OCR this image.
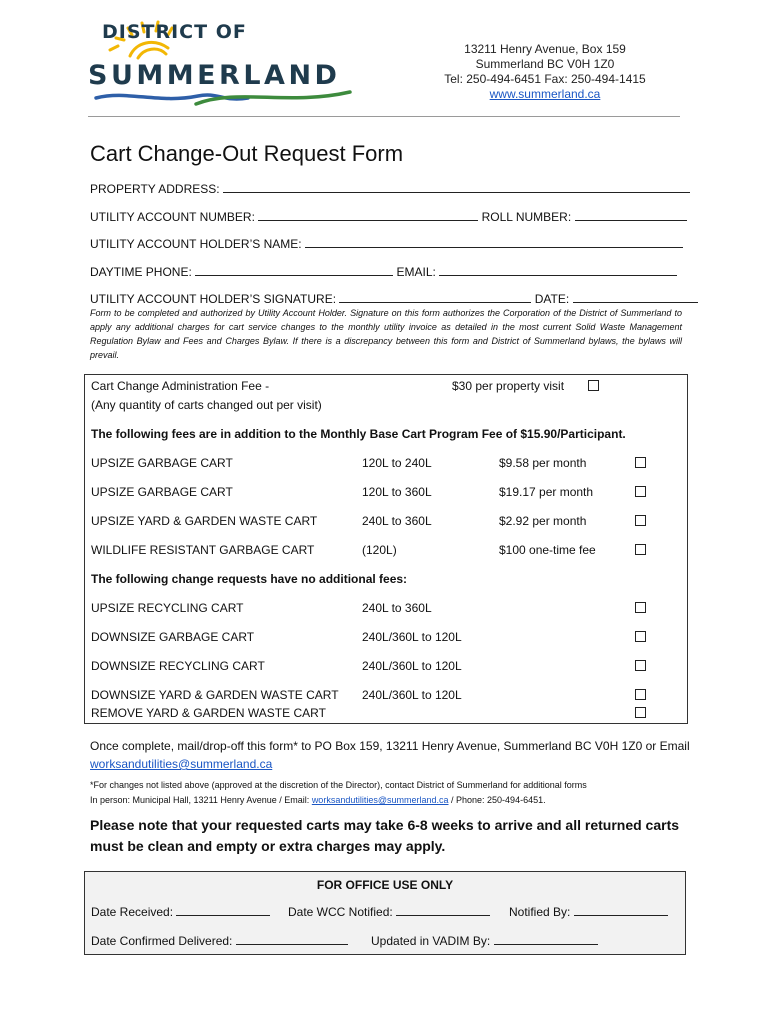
DISTRICT OF
SUMMERLAND
13211 Henry Avenue, Box 159
Summerland BC V0H 1Z0
Tel: 250-494-6451 Fax: 250-494-1415
www.summerland.ca
Cart Change-Out Request Form
PROPERTY ADDRESS:
UTILITY ACCOUNT NUMBER:	ROLL NUMBER:
UTILITY ACCOUNT HOLDER’S NAME:
DAYTIME PHONE:	EMAIL:
UTILITY ACCOUNT HOLDER’S SIGNATURE:	DATE:
Form to be completed and authorized by Utility Account Holder. Signature on this form authorizes the Corporation of the District of Summerland to apply any additional charges for cart service changes to the monthly utility invoice as detailed in the most current Solid Waste Management Regulation Bylaw and Fees and Charges Bylaw. If there is a discrepancy between this form and District of Summerland bylaws, the bylaws will prevail.
Cart Change Administration Fee -
(Any quantity of carts changed out per visit)
$30 per property visit
The following fees are in addition to the Monthly Base Cart Program Fee of $15.90/Participant.
UPSIZE GARBAGE CART	120L to 240L	$9.58 per month
UPSIZE GARBAGE CART	120L to 360L	$19.17 per month
UPSIZE YARD & GARDEN WASTE CART	240L to 360L	$2.92 per month
WILDLIFE RESISTANT GARBAGE CART	(120L)	$100 one-time fee
The following change requests have no additional fees:
UPSIZE RECYCLING CART	240L to 360L
DOWNSIZE GARBAGE CART	240L/360L to 120L
DOWNSIZE RECYCLING CART	240L/360L to 120L
DOWNSIZE YARD & GARDEN WASTE CART 240L/360L to 120L
REMOVE YARD & GARDEN WASTE CART
Once complete, mail/drop-off this form* to PO Box 159, 13211 Henry Avenue, Summerland BC V0H 1Z0 or Email worksandutilities@summerland.ca
*For changes not listed above (approved at the discretion of the Director), contact District of Summerland for additional forms
In person: Municipal Hall, 13211 Henry Avenue / Email: worksandutilities@summerland.ca / Phone: 250-494-6451.
Please note that your requested carts may take 6-8 weeks to arrive and all returned carts must be clean and empty or extra charges may apply.
FOR OFFICE USE ONLY
Date Received:	Date WCC Notified:	Notified By:
Date Confirmed Delivered:	Updated in VADIM By:
